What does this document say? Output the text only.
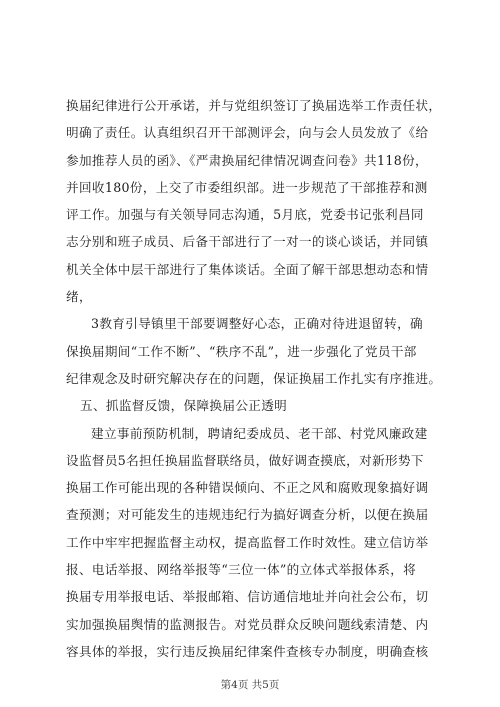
换届纪律进行公开承诺，并与党组织签订了换届选举工作责任状，
明确了责任。认真组织召开干部测评会，向与会人员发放了《给
参加推荐人员的函》、《严肃换届纪律情况调查问卷》共118份，
并回收180份，上交了市委组织部。进一步规范了干部推荐和测
评工作。加强与有关领导同志沟通，5月底，党委书记张利昌同
志分别和班子成员、后备干部进行了一对一的谈心谈话，并同镇
机关全体中层干部进行了集体谈话。全面了解干部思想动态和情
绪，
3教育引导镇里干部要调整好心态，正确对待进退留转，确
保换届期间“工作不断”、“秩序不乱”，进一步强化了党员干部
纪律观念及时研究解决存在的问题，保证换届工作扎实有序推进。
五、抓监督反馈，保障换届公正透明
建立事前预防机制，聘请纪委成员、老干部、村党风廉政建
设监督员5名担任换届监督联络员，做好调查摸底，对新形势下
换届工作可能出现的各种错误倾向、不正之风和腐败现象搞好调
查预测；对可能发生的违规违纪行为搞好调查分析，以便在换届
工作中牢牢把握监督主动权，提高监督工作时效性。建立信访举
报、电话举报、网络举报等“三位一体”的立体式举报体系，将
换届专用举报电话、举报邮箱、信访通信地址并向社会公布，切
实加强换届舆情的监测报告。对党员群众反映问题线索清楚、内
容具体的举报，实行违反换届纪律案件查核专办制度，明确查核
第4页 共5页
